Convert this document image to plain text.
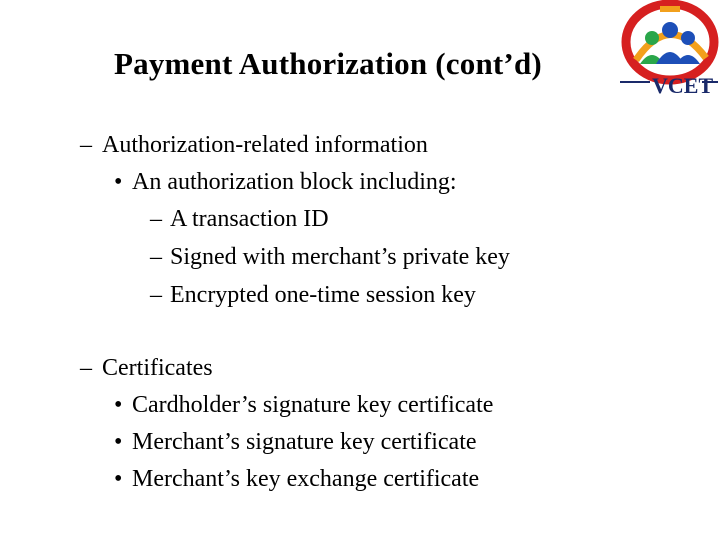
Payment Authorization (cont’d)
VCET
– Authorization-related information
• An authorization block including:
– A transaction ID
– Signed with merchant’s private key
– Encrypted one-time session key
– Certificates
• Cardholder’s signature key certificate
• Merchant’s signature key certificate
• Merchant’s key exchange certificate
